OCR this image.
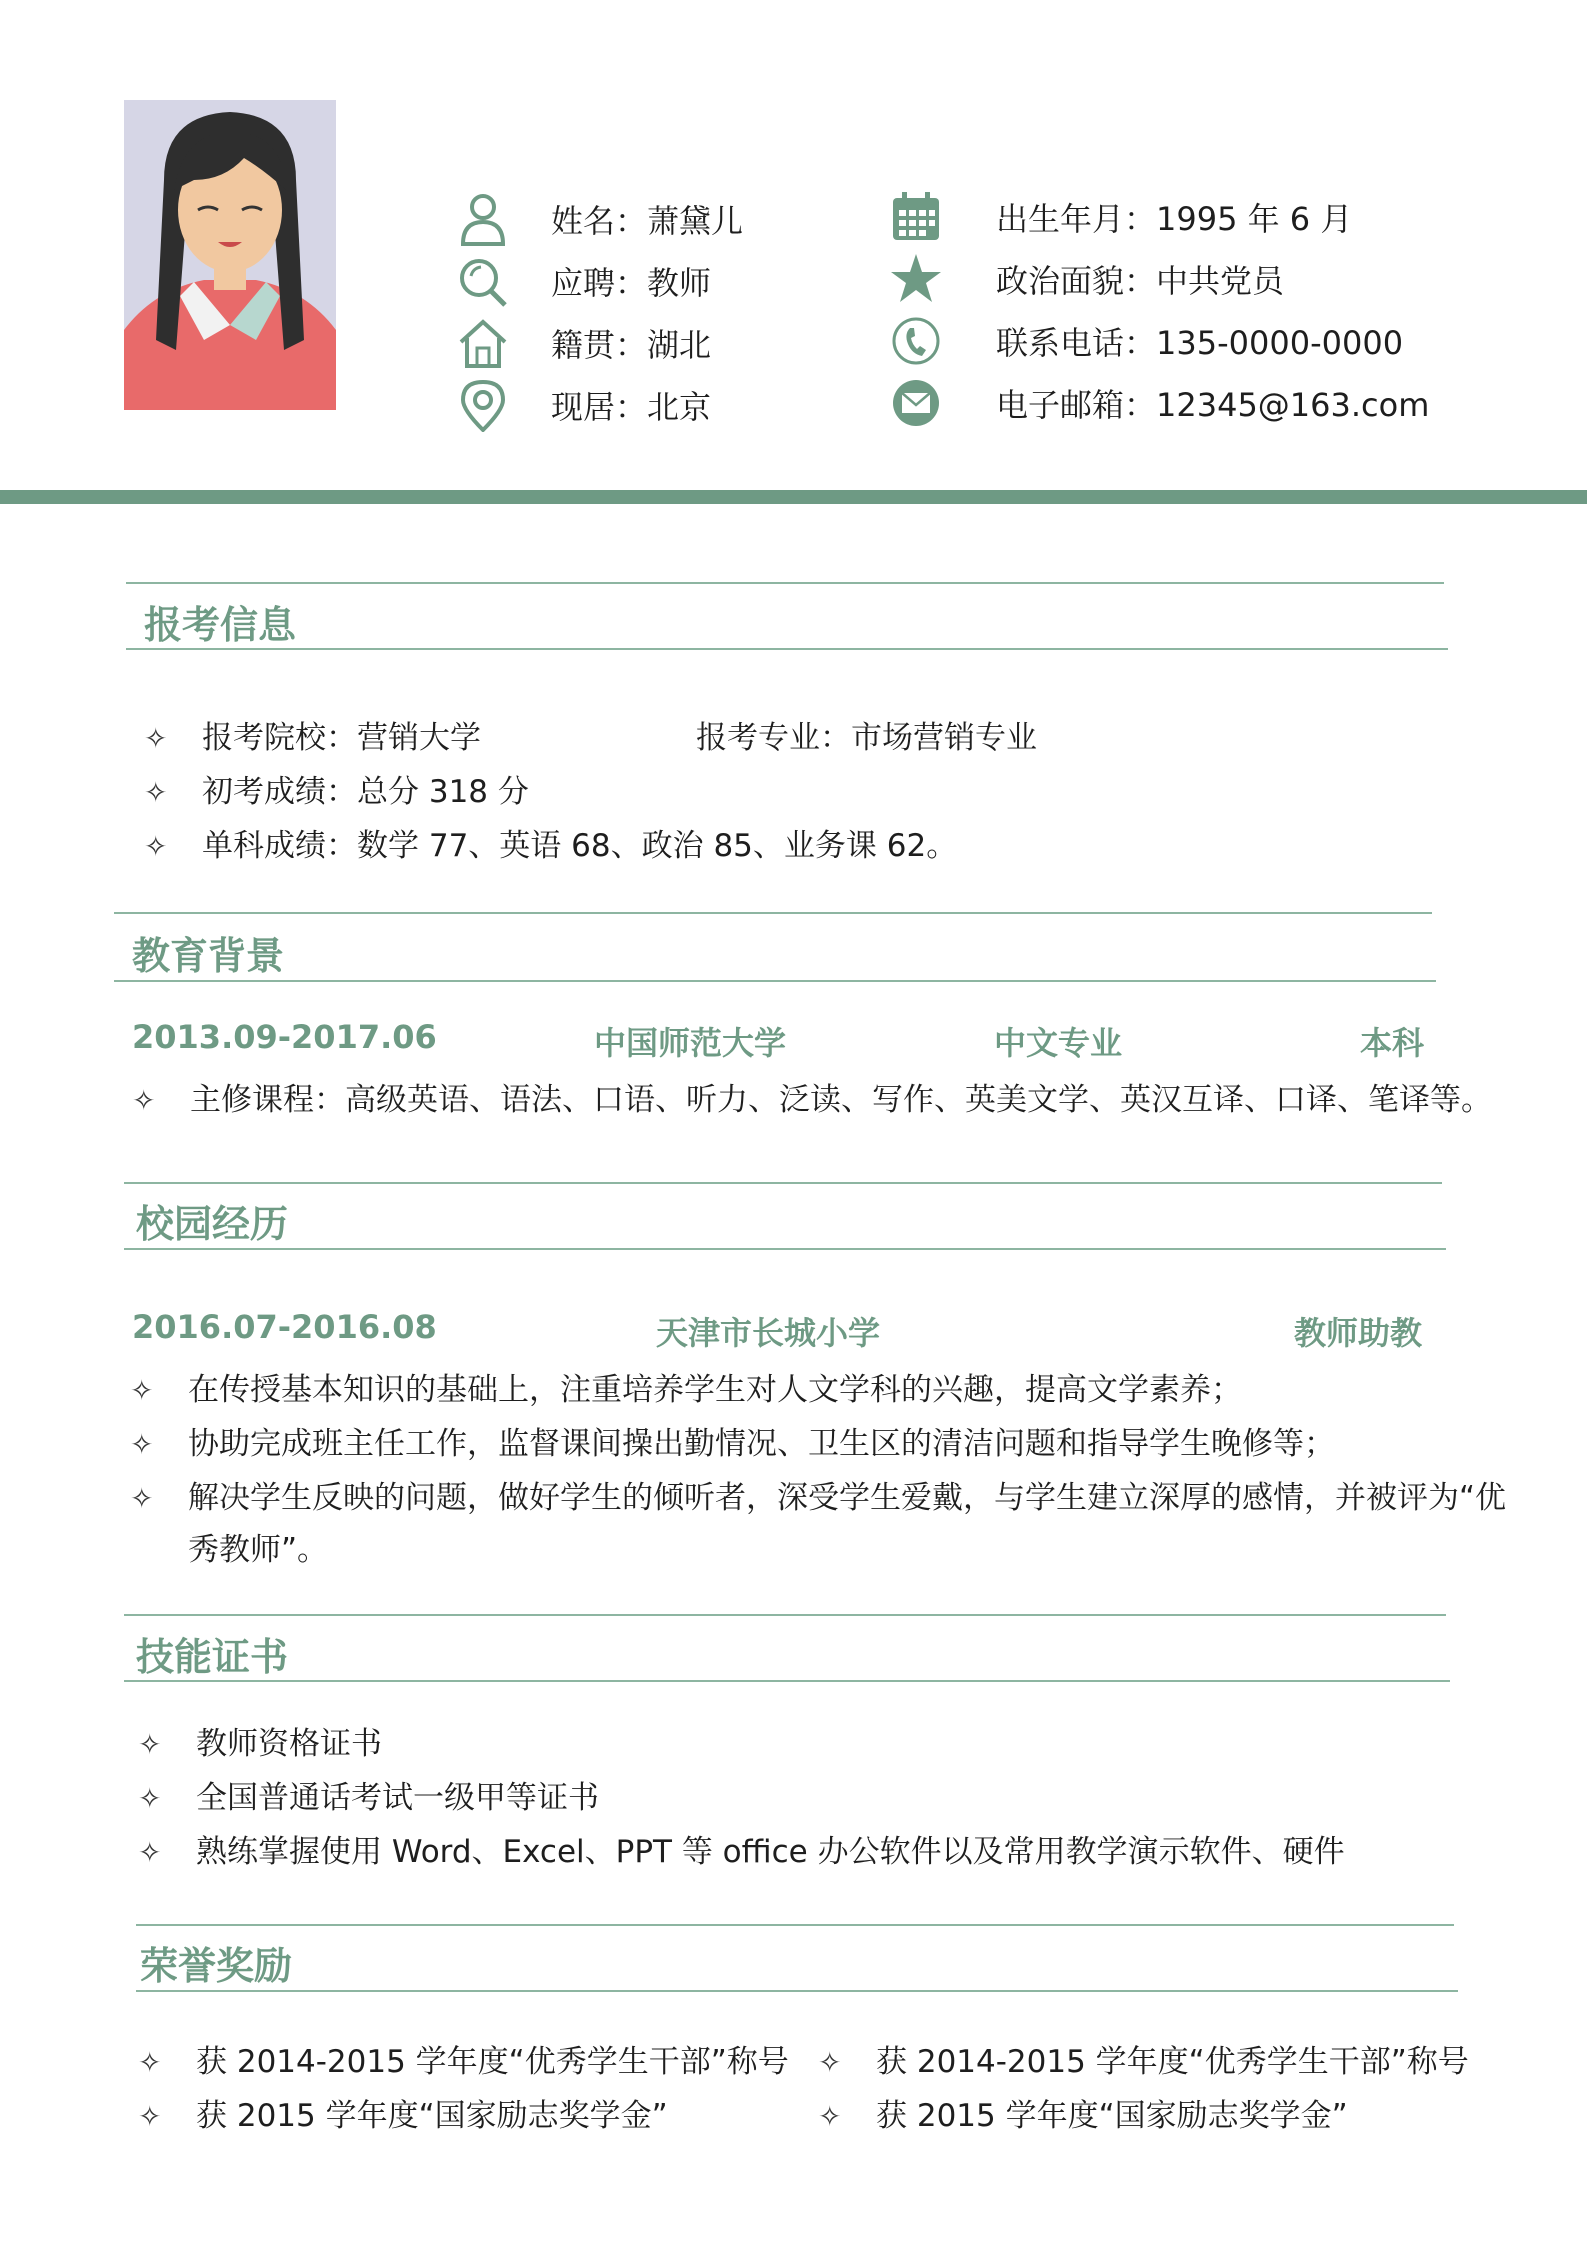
姓名：萧黛儿
应聘：教师
籍贯：湖北
现居：北京
出生年月：1995 年 6 月
政治面貌：中共党员
联系电话：135-0000-0000
电子邮箱：12345@163.com
报考信息
✧	报考院校：营销大学	报考专业：市场营销专业
✧	初考成绩：总分 318 分
✧	单科成绩：数学 77、英语 68、政治 85、业务课 62。
教育背景
2013.09-2017.06	中国师范大学	中文专业	本科
✧	主修课程：高级英语、语法、口语、听力、泛读、写作、英美文学、英汉互译、口译、笔译等。
校园经历
2016.07-2016.08	天津市长城小学	教师助教
✧	在传授基本知识的基础上，注重培养学生对人文学科的兴趣，提高文学素养；
✧	协助完成班主任工作，监督课间操出勤情况、卫生区的清洁问题和指导学生晚修等；
✧	解决学生反映的问题，做好学生的倾听者，深受学生爱戴，与学生建立深厚的感情，并被评为“优
秀教师”。
技能证书
✧	教师资格证书
✧	全国普通话考试一级甲等证书
✧	熟练掌握使用 Word、Excel、PPT 等 office 办公软件以及常用教学演示软件、硬件
荣誉奖励
✧	获 2014-2015 学年度“优秀学生干部”称号 ✧	获 2014-2015 学年度“优秀学生干部”称号
✧	获 2015 学年度“国家励志奖学金”	✧	获 2015 学年度“国家励志奖学金”
